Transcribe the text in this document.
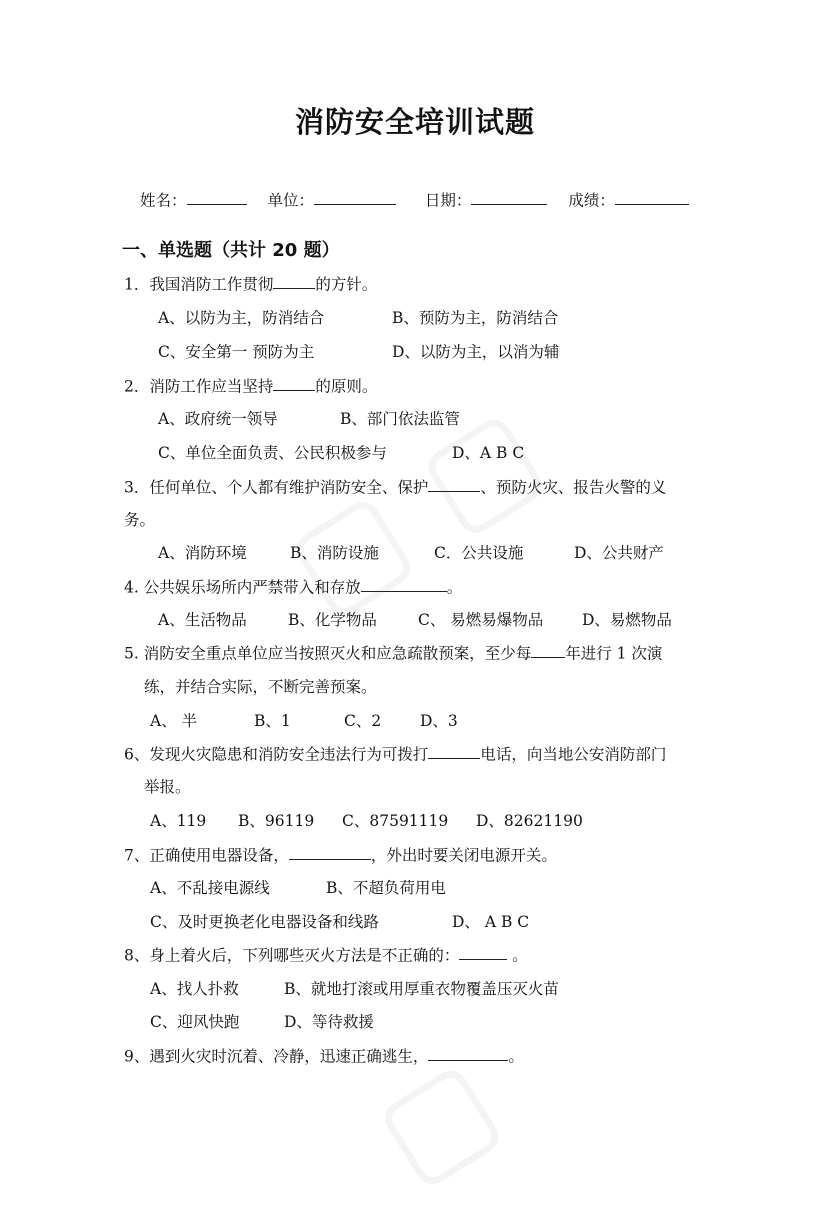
消防安全培训试题
姓名：	单位：	日期：	成绩：
一、单选题（共计 20 题）
1．我国消防工作贯彻	的方针。
A、以防为主，防消结合	B、预防为主，防消结合
C、安全第一 预防为主	D、以防为主，以消为辅
2．消防工作应当坚持	的原则。
A、政府统一领导	B、部门依法监管
C、单位全面负责、公民积极参与	D、A B C
3．任何单位、个人都有维护消防安全、保护	、预防火灾、报告火警的义
务。
A、消防环境	B、消防设施	C．公共设施	D、公共财产
4. 公共娱乐场所内严禁带入和存放	。
A、生活物品	B、化学物品	C、 易燃易爆物品 D、易燃物品
5. 消防安全重点单位应当按照灭火和应急疏散预案，至少每 年进行 1 次演
练，并结合实际，不断完善预案。
A、 半	B、1	C、2	D、3
6、发现火灾隐患和消防安全违法行为可拨打	电话，向当地公安消防部门
举报。
A、119 B、96119 C、87591119 D、82621190
7、正确使用电器设备，	，外出时要关闭电源开关。
A、不乱接电源线	B、不超负荷用电
C、及时更换老化电器设备和线路	D、 A B C
8、身上着火后，下列哪些灭火方法是不正确的：	。
A、找人扑救	B、就地打滚或用厚重衣物覆盖压灭火苗
C、迎风快跑	D、等待救援
9、遇到火灾时沉着、冷静，迅速正确逃生，	。
